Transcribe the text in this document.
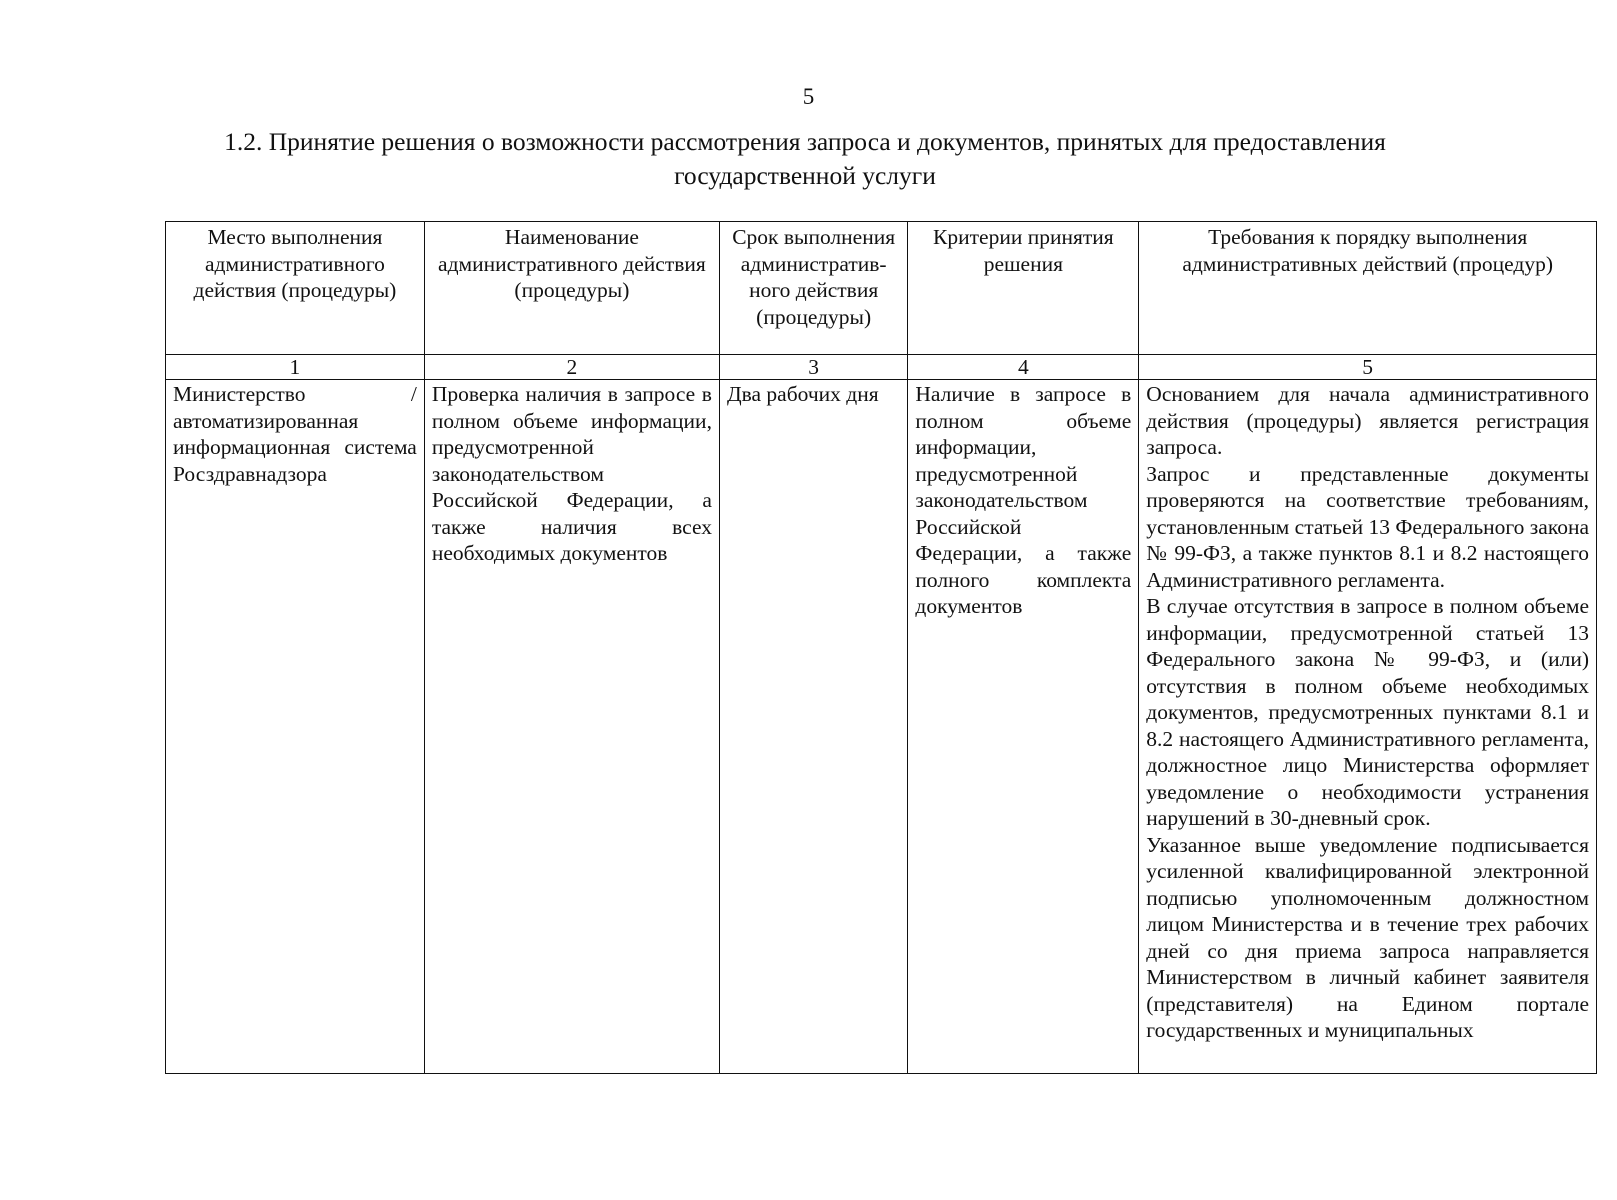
5
1.2. Принятие решения о возможности рассмотрения запроса и документов, принятых для предоставления
государственной услуги
Место выполнения административного действия (процедуры)	Наименование административного действия (процедуры)	Срок выполнения административного действия (процедуры)	Критерии принятия решения	Требования к порядку выполнения административных действий (процедур)
1	2	3	4	5
Министерство / автоматизированная информационная система Росздравнадзора	Проверка наличия в запросе в полном объеме информации, предусмотренной законодательством Российской Федерации, а также наличия всех необходимых документов	Два рабочих дня	Наличие в запросе в полном объеме информации, предусмотренной законодательством Российской Федерации, а также полного комплекта документов	Основанием для начала административного действия (процедуры) является регистрация запроса.
Запрос и представленные документы проверяются на соответствие требованиям, установленным статьей 13 Федерального закона № 99-ФЗ, а также пунктов 8.1 и 8.2 настоящего Административного регламента.
В случае отсутствия в запросе в полном объеме информации, предусмотренной статьей 13 Федерального закона № 99-ФЗ, и (или) отсутствия в полном объеме необходимых документов, предусмотренных пунктами 8.1 и 8.2 настоящего Административного регламента, должностное лицо Министерства оформляет уведомление о необходимости устранения нарушений в 30-дневный срок.
Указанное выше уведомление подписывается усиленной квалифицированной электронной подписью уполномоченным должностном лицом Министерства и в течение трех рабочих дней со дня приема запроса направляется Министерством в личный кабинет заявителя (представителя) на Едином портале государственных и муниципальных
